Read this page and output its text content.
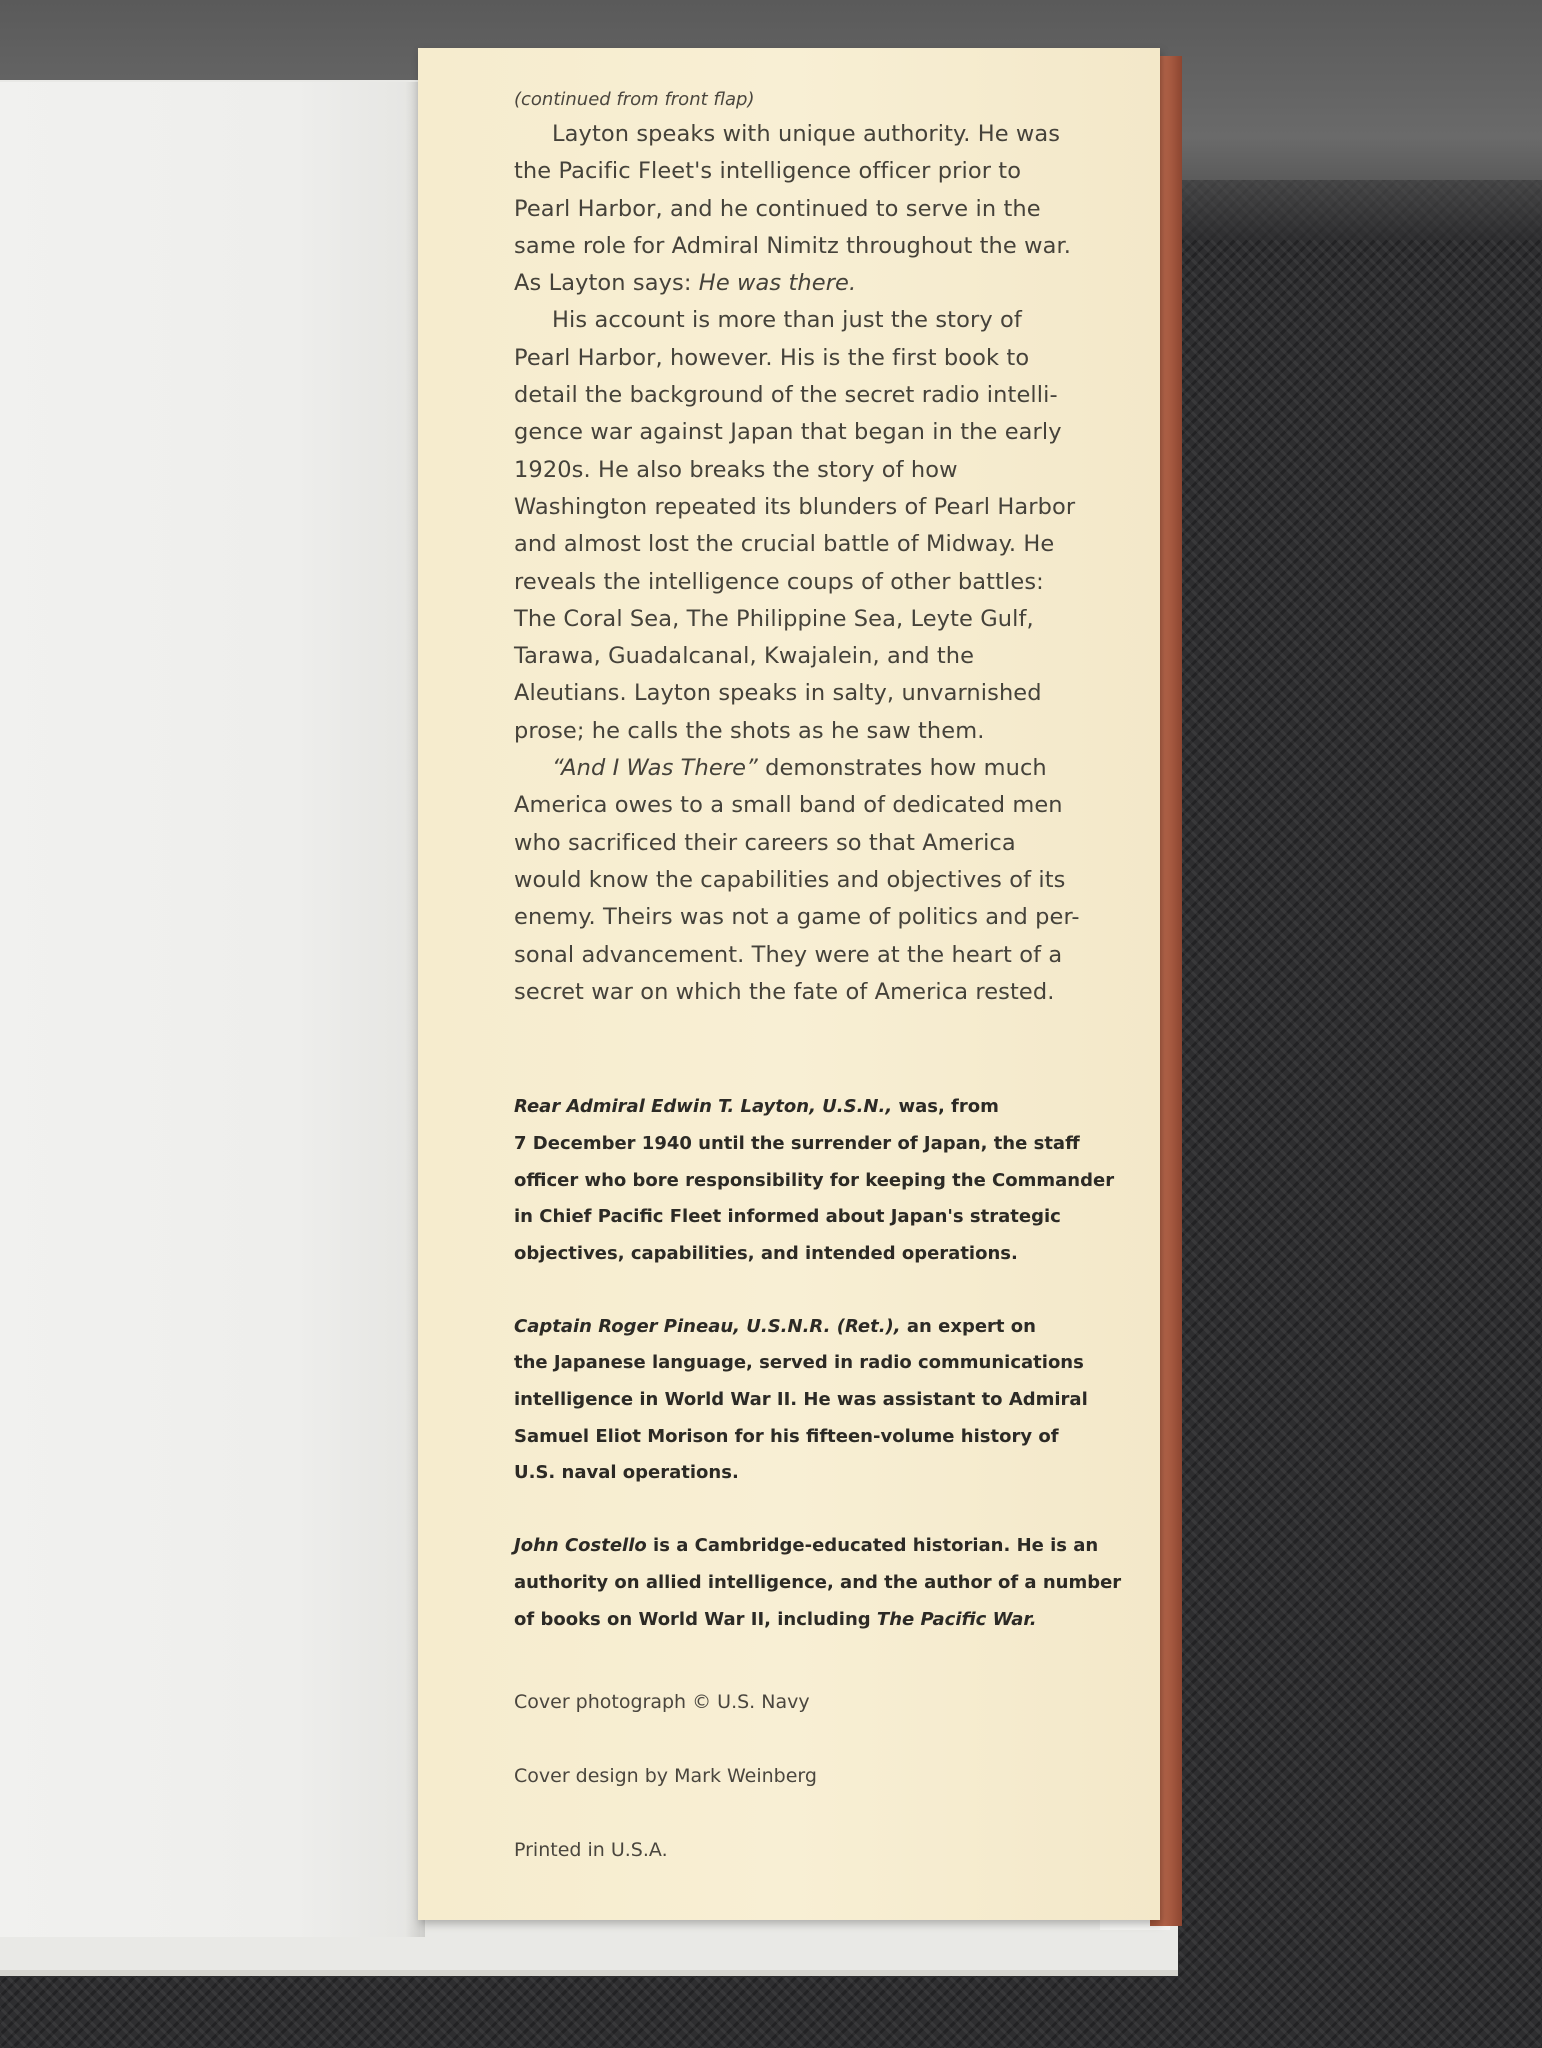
(continued from front flap)

Layton speaks with unique authority. He was
the Pacific Fleet's intelligence officer prior to
Pearl Harbor, and he continued to serve in the
same role for Admiral Nimitz throughout the war.
As Layton says: He was there.
His account is more than just the story of
Pearl Harbor, however. His is the first book to
detail the background of the secret radio intelli-
gence war against Japan that began in the early
1920s. He also breaks the story of how
Washington repeated its blunders of Pearl Harbor
and almost lost the crucial battle of Midway. He
reveals the intelligence coups of other battles:
The Coral Sea, The Philippine Sea, Leyte Gulf,
Tarawa, Guadalcanal, Kwajalein, and the
Aleutians. Layton speaks in salty, unvarnished
prose; he calls the shots as he saw them.
“And I Was There” demonstrates how much
America owes to a small band of dedicated men
who sacrificed their careers so that America
would know the capabilities and objectives of its
enemy. Theirs was not a game of politics and per-
sonal advancement. They were at the heart of a
secret war on which the fate of America rested.
Rear Admiral Edwin T. Layton, U.S.N., was, from
7 December 1940 until the surrender of Japan, the staff
officer who bore responsibility for keeping the Commander
in Chief Pacific Fleet informed about Japan's strategic
objectives, capabilities, and intended operations.
Captain Roger Pineau, U.S.N.R. (Ret.), an expert on
the Japanese language, served in radio communications
intelligence in World War II. He was assistant to Admiral
Samuel Eliot Morison for his fifteen-volume history of
U.S. naval operations.
John Costello is a Cambridge-educated historian. He is an
authority on allied intelligence, and the author of a number
of books on World War II, including The Pacific War.

Cover photograph © U.S. Navy

Cover design by Mark Weinberg

Printed in U.S.A.
